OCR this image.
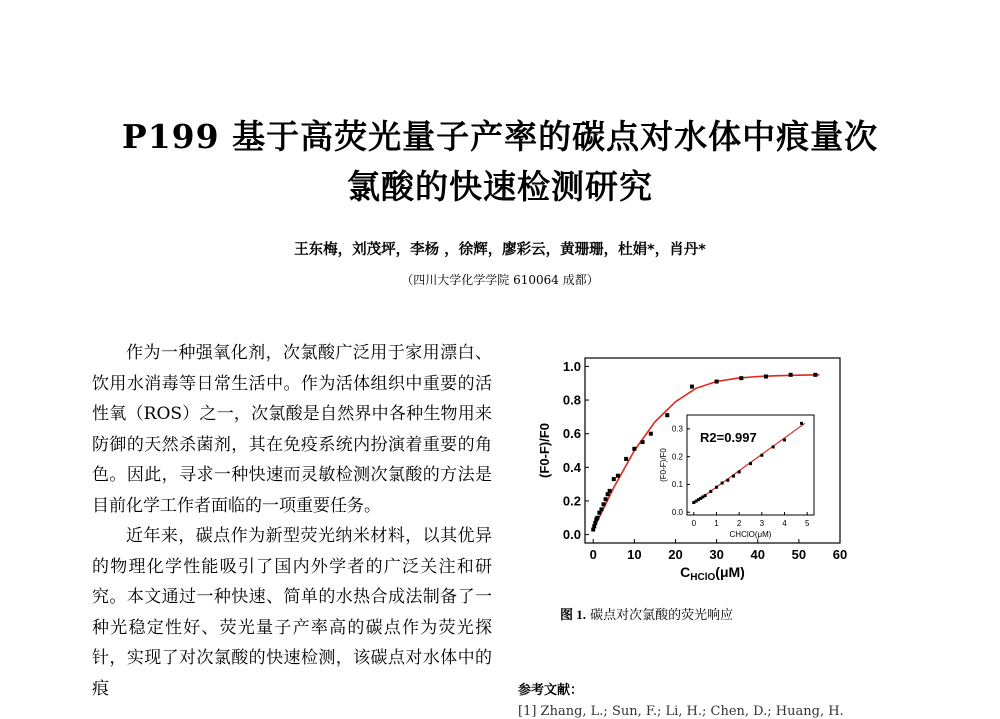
P199 基于高荧光量子产率的碳点对水体中痕量次
氯酸的快速检测研究
王东梅，刘茂坪，李杨 ，徐辉，廖彩云，黄珊珊，杜娟*，肖丹*
（四川大学化学学院 610064 成都）

作为一种强氧化剂，次氯酸广泛用于家用漂白、饮用水消毒等日常生活中。作为活体组织中重要的活性氧（ROS）之一，次氯酸是自然界中各种生物用来防御的天然杀菌剂，其在免疫系统内扮演着重要的角色。因此，寻求一种快速而灵敏检测次氯酸的方法是目前化学工作者面临的一项重要任务。

近年来，碳点作为新型荧光纳米材料，以其优异的物理化学性能吸引了国内外学者的广泛关注和研究。本文通过一种快速、简单的水热合成法制备了一种光稳定性好、荧光量子产率高的碳点作为荧光探针，实现了对次氯酸的快速检测，该碳点对水体中的痕

0 10 20 30 40 50 60
0.0
0.2
0.4
0.6
0.8
1.0
$C_{HClO}(\mu M)$
(F0-F)/F0
0 1 2 3 4 5
0.0
0.1
0.2
0.3
R2=0.997
CHClO(μM)
(F0-F)/F0
图 1. 碳点对次氯酸的荧光响应
参考文献：
[1] Zhang, L.; Sun, F.; Li, H.; Chen, D.; Huang, H.
